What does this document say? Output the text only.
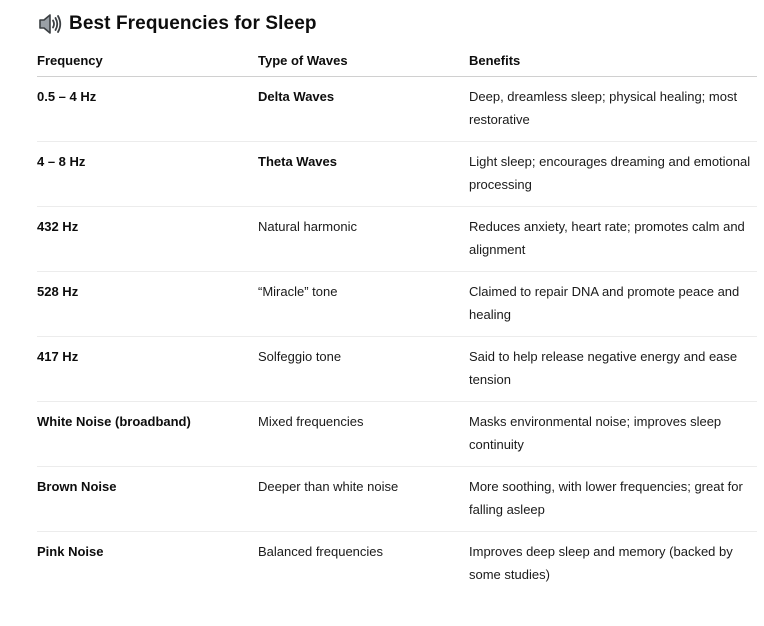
Best Frequencies for Sleep
Frequency	Type of Waves	Benefits

0.5 – 4 Hz	Delta Waves	Deep, dreamless sleep; physical healing; most restorative

4 – 8 Hz	Theta Waves	Light sleep; encourages dreaming and emotional processing

432 Hz	Natural harmonic	Reduces anxiety, heart rate; promotes calm and alignment

528 Hz	“Miracle” tone	Claimed to repair DNA and promote peace and healing

417 Hz	Solfeggio tone	Said to help release negative energy and ease tension

White Noise (broadband)	Mixed frequencies	Masks environmental noise; improves sleep continuity

Brown Noise	Deeper than white noise	More soothing, with lower frequencies; great for falling asleep

Pink Noise	Balanced frequencies	Improves deep sleep and memory (backed by some studies)
